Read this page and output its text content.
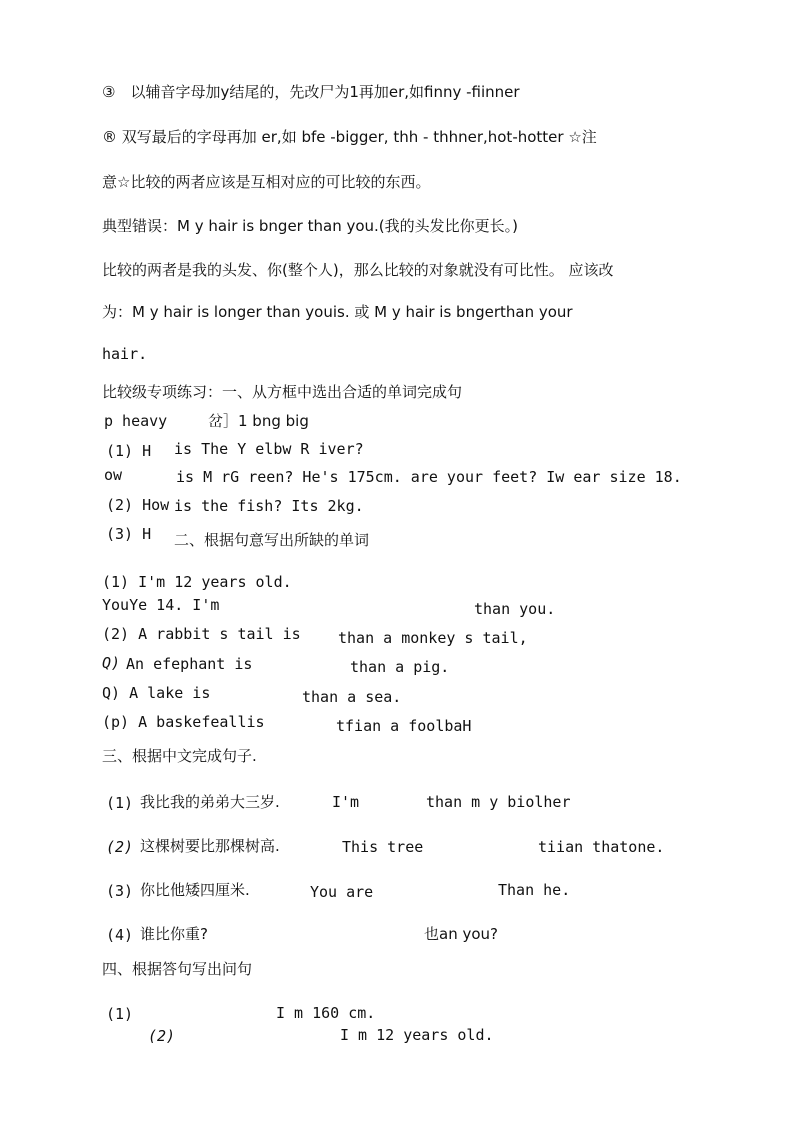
③　以辅音字母加y结尾的，先改尸为1再加er,如finny -fiinner
® 双写最后的字母再加 er,如 bfe -bigger, thh - thhner,hot-hotter ☆注
意☆比较的两者应该是互相对应的可比较的东西。
典型错误：M y hair is bnger than you.(我的头发比你更长。)
比较的两者是我的头发、你(整个人)，那么比较的对象就没有可比性。 应该改
为：M y hair is longer than youis. 或 M y hair is bngerthan your
hair.
比较级专项练习：一、从方框中选出合适的单词完成句
p heavy	岔］1 bng big
(1) H is The Y elbw R iver?
ow	is M rG reen? He's 175cm. are your feet? Iw ear size 18.
(2) How is the fish? Its 2kg.
(3) H 二、根据句意写出所缺的单词
(1) I'm 12 years old.
YouYe 14. I'm	than you.
(2) A rabbit s tail is than a monkey s tail,
Q) An efephant is	than a pig.
Q) A lake is	than a sea.
(p) A baskefeallis	tfian a foolbaH
三、根据中文完成句子.
(1) 我比我的弟弟大三岁.	I'm	than m y biolher
(2) 这棵树要比那棵树高.	This tree	tiian thatone.
(3) 你比他矮四厘米.	You are	Than he.
(4) 谁比你重?	也an you?
四、根据答句写出问句
(1)	I m 160 cm.
(2)	I m 12 years old.
